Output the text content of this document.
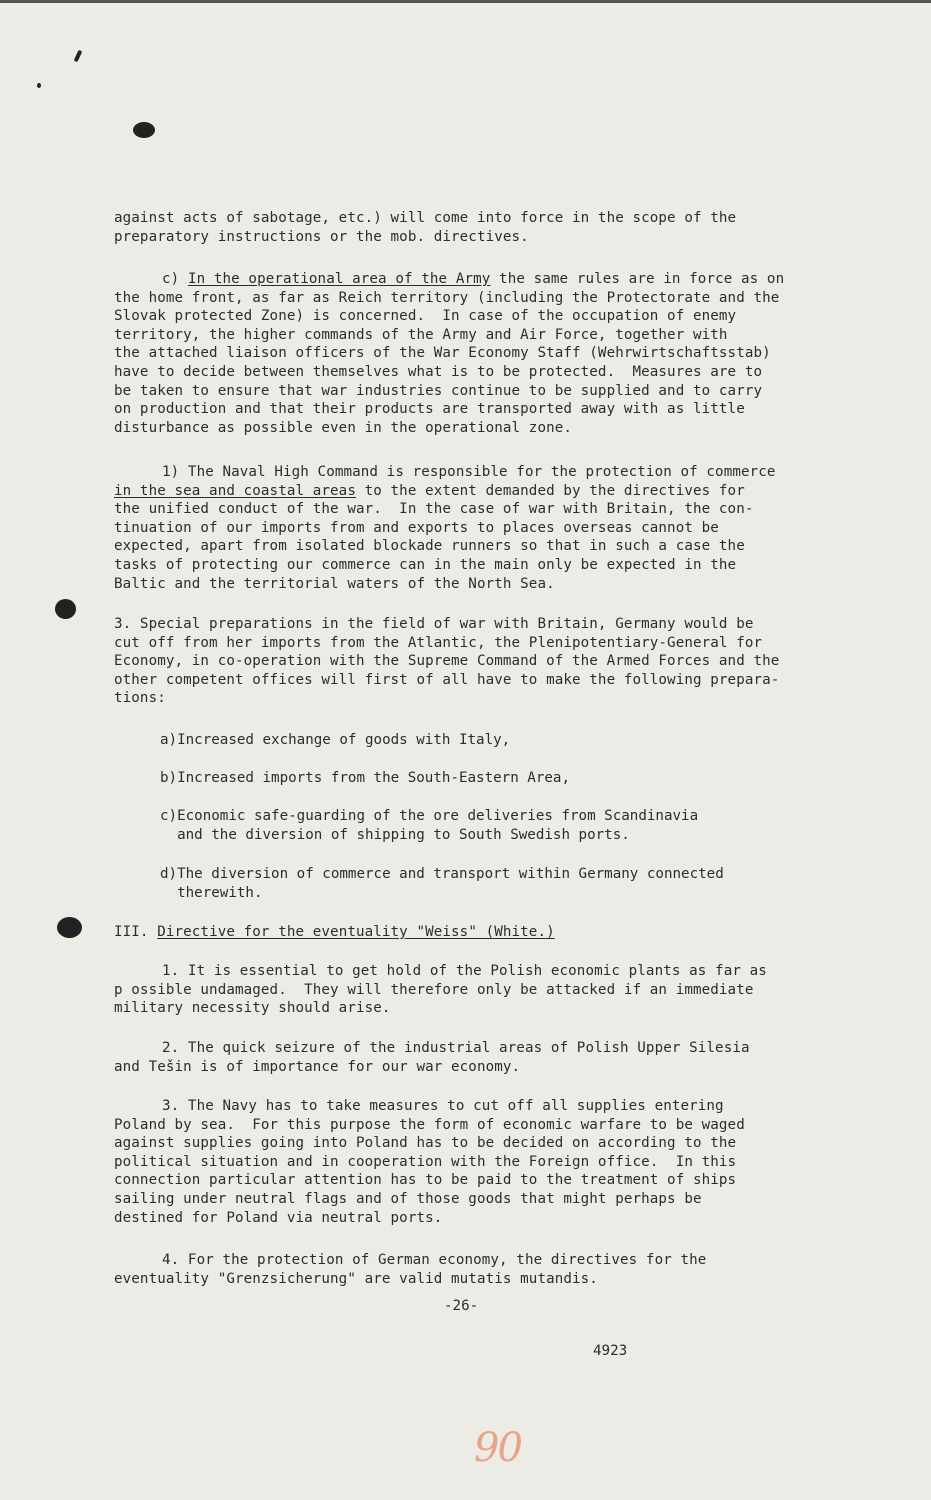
against acts of sabotage, etc.) will come into force in the scope of the
preparatory instructions or the mob. directives.
c) In the operational area of the Army the same rules are in force as on
the home front, as far as Reich territory (including the Protectorate and the
Slovak protected Zone) is concerned.  In case of the occupation of enemy
territory, the higher commands of the Army and Air Force, together with
the attached liaison officers of the War Economy Staff (Wehrwirtschaftsstab)
have to decide between themselves what is to be protected.  Measures are to
be taken to ensure that war industries continue to be supplied and to carry
on production and that their products are transported away with as little
disturbance as possible even in the operational zone.
1) The Naval High Command is responsible for the protection of commerce
in the sea and coastal areas to the extent demanded by the directives for
the unified conduct of the war.  In the case of war with Britain, the con-
tinuation of our imports from and exports to places overseas cannot be
expected, apart from isolated blockade runners so that in such a case the
tasks of protecting our commerce can in the main only be expected in the
Baltic and the territorial waters of the North Sea.
3. Special preparations in the field of war with Britain, Germany would be
cut off from her imports from the Atlantic, the Plenipotentiary-General for
Economy, in co-operation with the Supreme Command of the Armed Forces and the
other competent offices will first of all have to make the following prepara-
tions:
a)Increased exchange of goods with Italy,
b)Increased imports from the South-Eastern Area,
c)Economic safe-guarding of the ore deliveries from Scandinavia
and the diversion of shipping to South Swedish ports.
d)The diversion of commerce and transport within Germany connected
therewith.
III. Directive for the eventuality "Weiss" (White.)
1. It is essential to get hold of the Polish economic plants as far as
p ossible undamaged.  They will therefore only be attacked if an immediate
military necessity should arise.
2. The quick seizure of the industrial areas of Polish Upper Silesia
and Tešin is of importance for our war economy.
3. The Navy has to take measures to cut off all supplies entering
Poland by sea.  For this purpose the form of economic warfare to be waged
against supplies going into Poland has to be decided on according to the
political situation and in cooperation with the Foreign office.  In this
connection particular attention has to be paid to the treatment of ships
sailing under neutral flags and of those goods that might perhaps be
destined for Poland via neutral ports.
4. For the protection of German economy, the directives for the
eventuality "Grenzsicherung" are valid mutatis mutandis.
-26-
4923
90
